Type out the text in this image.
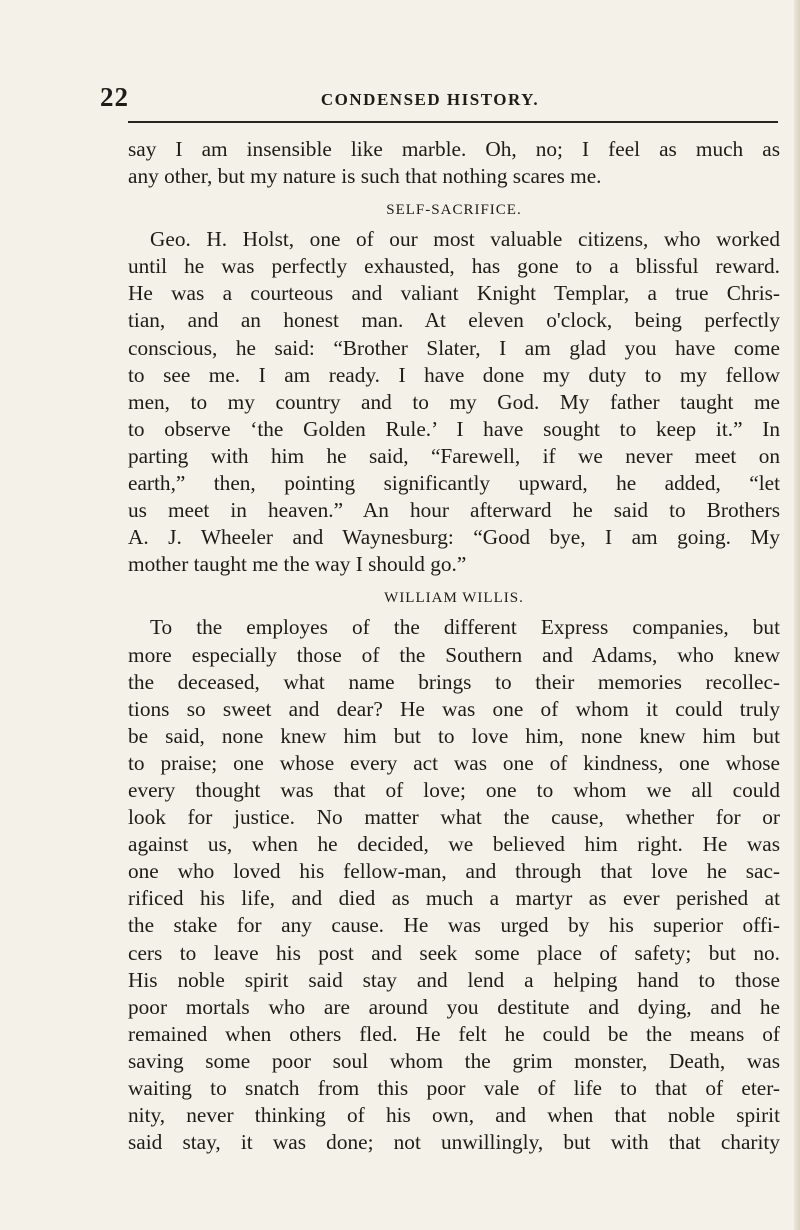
22	CONDENSED HISTORY.
say I am insensible like marble. Oh, no; I feel as much as
any other, but my nature is such that nothing scares me.
SELF-SACRIFICE.
Geo. H. Holst, one of our most valuable citizens, who worked
until he was perfectly exhausted, has gone to a blissful reward.
He was a courteous and valiant Knight Templar, a true Chris-
tian, and an honest man. At eleven o'clock, being perfectly
conscious, he said: “Brother Slater, I am glad you have come
to see me. I am ready. I have done my duty to my fellow
men, to my country and to my God. My father taught me
to observe ‘the Golden Rule.’ I have sought to keep it.” In
parting with him he said, “Farewell, if we never meet on
earth,” then, pointing significantly upward, he added, “let
us meet in heaven.” An hour afterward he said to Brothers
A. J. Wheeler and Waynesburg: “Good bye, I am going. My
mother taught me the way I should go.”
WILLIAM WILLIS.
To the employes of the different Express companies, but
more especially those of the Southern and Adams, who knew
the deceased, what name brings to their memories recollec-
tions so sweet and dear? He was one of whom it could truly
be said, none knew him but to love him, none knew him but
to praise; one whose every act was one of kindness, one whose
every thought was that of love; one to whom we all could
look for justice. No matter what the cause, whether for or
against us, when he decided, we believed him right. He was
one who loved his fellow-man, and through that love he sac-
rificed his life, and died as much a martyr as ever perished at
the stake for any cause. He was urged by his superior offi-
cers to leave his post and seek some place of safety; but no.
His noble spirit said stay and lend a helping hand to those
poor mortals who are around you destitute and dying, and he
remained when others fled. He felt he could be the means of
saving some poor soul whom the grim monster, Death, was
waiting to snatch from this poor vale of life to that of eter-
nity, never thinking of his own, and when that noble spirit
said stay, it was done; not unwillingly, but with that charity
